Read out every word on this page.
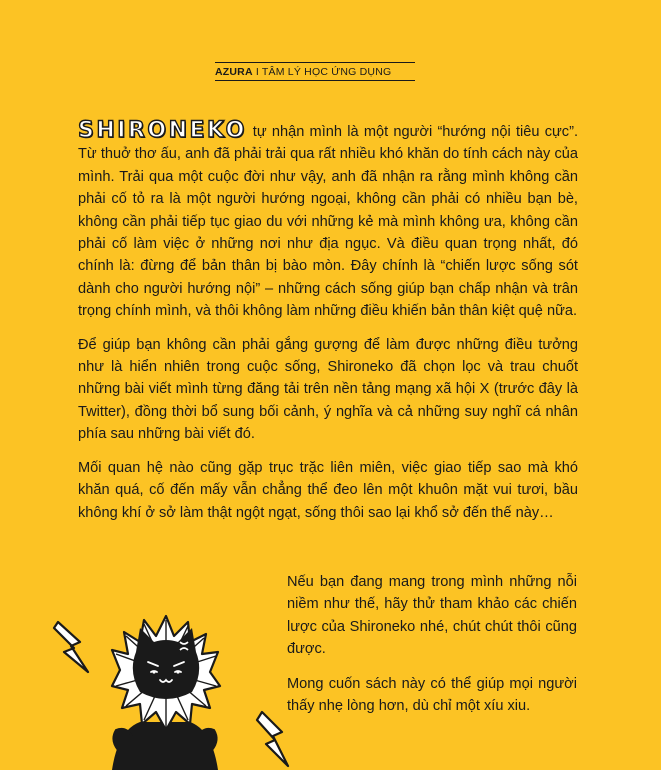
AZURA I TÂM LÝ HỌC ỨNG DỤNG

SHIRONEKO tự nhận mình là một người “hướng nội tiêu cực”. Từ thuở thơ ấu, anh đã phải trải qua rất nhiều khó khăn do tính cách này của mình. Trải qua một cuộc đời như vậy, anh đã nhận ra rằng mình không cần phải cố tỏ ra là một người hướng ngoại, không cần phải có nhiều bạn bè, không cần phải tiếp tục giao du với những kẻ mà mình không ưa, không cần phải cố làm việc ở những nơi như địa ngục. Và điều quan trọng nhất, đó chính là: đừng để bản thân bị bào mòn. Đây chính là “chiến lược sống sót dành cho người hướng nội” – những cách sống giúp bạn chấp nhận và trân trọng chính mình, và thôi không làm những điều khiến bản thân kiệt quệ nữa.

Để giúp bạn không cần phải gắng gượng để làm được những điều tưởng như là hiển nhiên trong cuộc sống, Shironeko đã chọn lọc và trau chuốt những bài viết mình từng đăng tải trên nền tảng mạng xã hội X (trước đây là Twitter), đồng thời bổ sung bối cảnh, ý nghĩa và cả những suy nghĩ cá nhân phía sau những bài viết đó.

Mối quan hệ nào cũng gặp trục trặc liên miên, việc giao tiếp sao mà khó khăn quá, cố đến mấy vẫn chẳng thể đeo lên một khuôn mặt vui tươi, bầu không khí ở sở làm thật ngột ngạt, sống thôi sao lại khổ sở đến thế này…

Nếu bạn đang mang trong mình những nỗi niềm như thế, hãy thử tham khảo các chiến lược của Shironeko nhé, chút chút thôi cũng được.

Mong cuốn sách này có thể giúp mọi người thấy nhẹ lòng hơn, dù chỉ một xíu xiu.
